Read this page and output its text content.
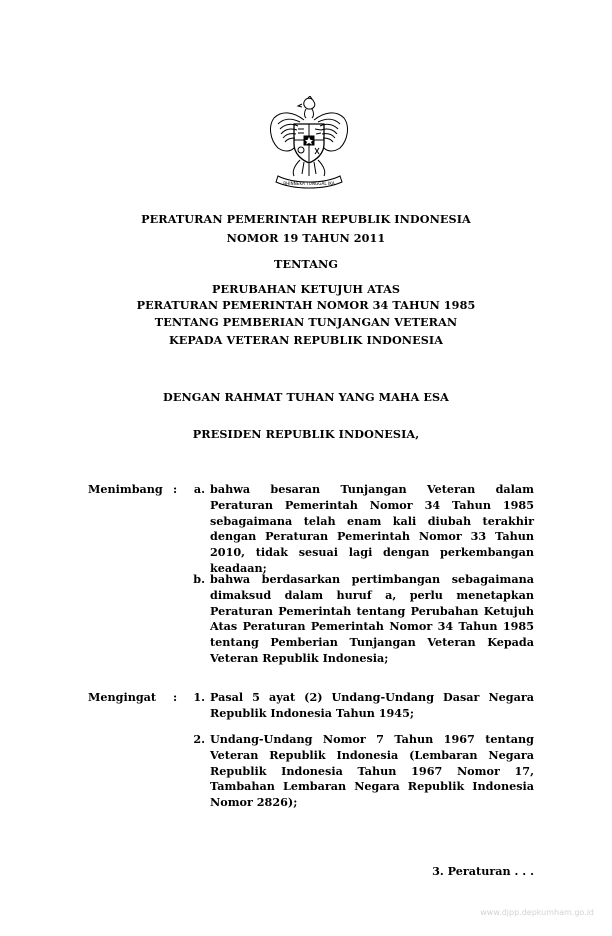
BHINNEKA TUNGGAL IKA
PERATURAN PEMERINTAH REPUBLIK INDONESIA
NOMOR 19 TAHUN 2011
TENTANG
PERUBAHAN KETUJUH ATAS
PERATURAN PEMERINTAH NOMOR 34 TAHUN 1985
TENTANG PEMBERIAN TUNJANGAN VETERAN
KEPADA VETERAN REPUBLIK INDONESIA
DENGAN RAHMAT TUHAN YANG MAHA ESA
PRESIDEN REPUBLIK INDONESIA,
Menimbang :	a. bahwa besaran Tunjangan Veteran dalam Peraturan Pemerintah Nomor 34 Tahun 1985 sebagaimana telah enam kali diubah terakhir dengan Peraturan Pemerintah Nomor 33 Tahun 2010, tidak sesuai lagi dengan perkembangan keadaan;
b. bahwa berdasarkan pertimbangan sebagaimana dimaksud dalam huruf a, perlu menetapkan Peraturan Pemerintah tentang Perubahan Ketujuh Atas Peraturan Pemerintah Nomor 34 Tahun 1985 tentang Pemberian Tunjangan Veteran Kepada Veteran Republik Indonesia;
Mengingat :	1. Pasal 5 ayat (2) Undang-Undang Dasar Negara Republik Indonesia Tahun 1945;
2. Undang-Undang Nomor 7 Tahun 1967 tentang Veteran Republik Indonesia (Lembaran Negara Republik Indonesia Tahun 1967 Nomor 17, Tambahan Lembaran Negara Republik Indonesia Nomor 2826);
3. Peraturan . . .
www.djpp.depkumham.go.id
